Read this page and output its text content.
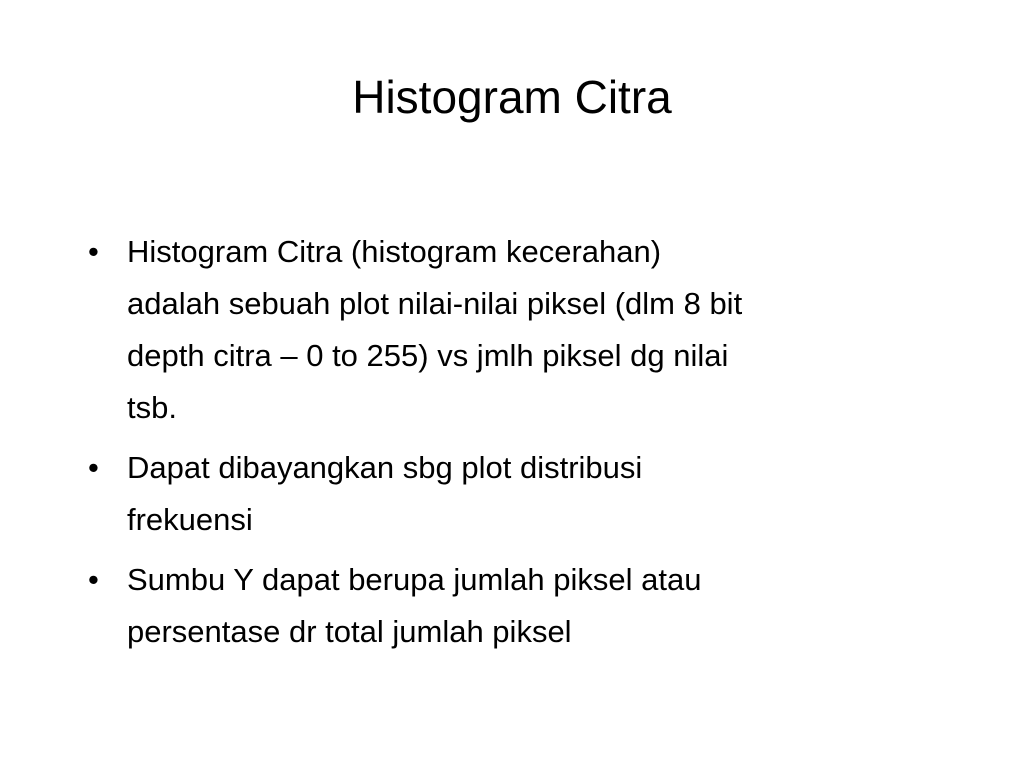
Histogram Citra
• Histogram Citra (histogram kecerahan)
adalah sebuah plot nilai-nilai piksel (dlm 8 bit
depth citra – 0 to 255) vs jmlh piksel dg nilai
tsb.
• Dapat dibayangkan sbg plot distribusi
frekuensi
• Sumbu Y dapat berupa jumlah piksel atau
persentase dr total jumlah piksel
